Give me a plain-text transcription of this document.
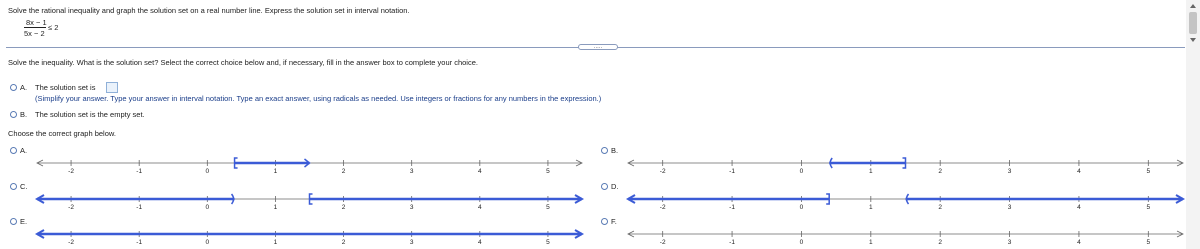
Solve the rational inequality and graph the solution set on a real number line. Express the solution set in interval notation.
8x − 1
5x − 2
≤ 2
.....
Solve the inequality. What is the solution set? Select the correct choice below and, if necessary, fill in the answer box to complete your choice.
A. The solution set is
(Simplify your answer. Type your answer in interval notation. Type an exact answer, using radicals as needed. Use integers or fractions for any numbers in the expression.)
B. The solution set is the empty set.
Choose the correct graph below.
A.
-2	-1	0	1	2	3	4	5
B.
-2	-1	0	1	2	3	4	5
C.
-2	-1	0	1	2	3	4	5
D.
-2	-1	0	1	2	3	4	5
E.
-2	-1	0	1	2	3	4	5
F.
-2	-1	0	1	2	3	4	5
